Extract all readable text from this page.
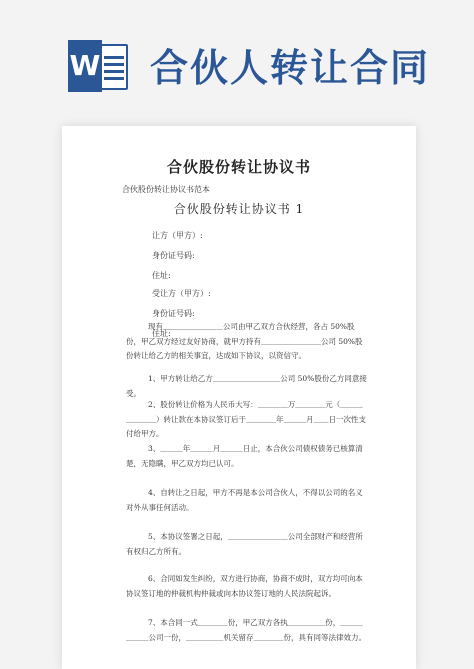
W 合伙人转让合同
合伙股份转让协议书
合伙股份转让协议书范本
合伙股份转让协议书 1
让方（甲方）:
身份证号码:
住址:
受让方（甲方）:
身份证号码:
住址:

现有＿＿＿＿＿＿＿＿公司由甲乙双方合伙经营，各占 50%股份，甲乙双方经过友好协商，就甲方持有＿＿＿＿＿＿＿＿公司 50%股份转让给乙方的相关事宜，达成如下协议，以资信守。

1、甲方转让给乙方＿＿＿＿＿＿＿＿＿公司 50%股份乙方同意接受。

2、股份转让价格为人民币大写：＿＿＿＿万＿＿＿＿元（＿＿＿＿＿＿＿）转让款在本协议签订后于＿＿＿＿年＿＿＿月＿＿日一次性支付给甲方。

3、＿＿＿年＿＿＿月＿＿＿日止，本合伙公司债权债务已核算清楚，无隐瞒，甲乙双方均已认可。

4、自转让之日起，甲方不再是本公司合伙人，不得以公司的名义对外从事任何活动。

5、本协议签署之日起，＿＿＿＿＿＿＿＿公司全部财产和经营所有权归乙方所有。

6、合同如发生纠纷，双方进行协商，协商不成时，双方均可向本协议签订地的仲裁机构仲裁或向本协议签订地的人民法院起诉。

7、本合同一式＿＿＿＿份，甲乙双方各执＿＿＿＿＿份，＿＿＿＿＿＿公司一份，＿＿＿＿＿机关留存＿＿＿＿份，具有同等法律效力。
